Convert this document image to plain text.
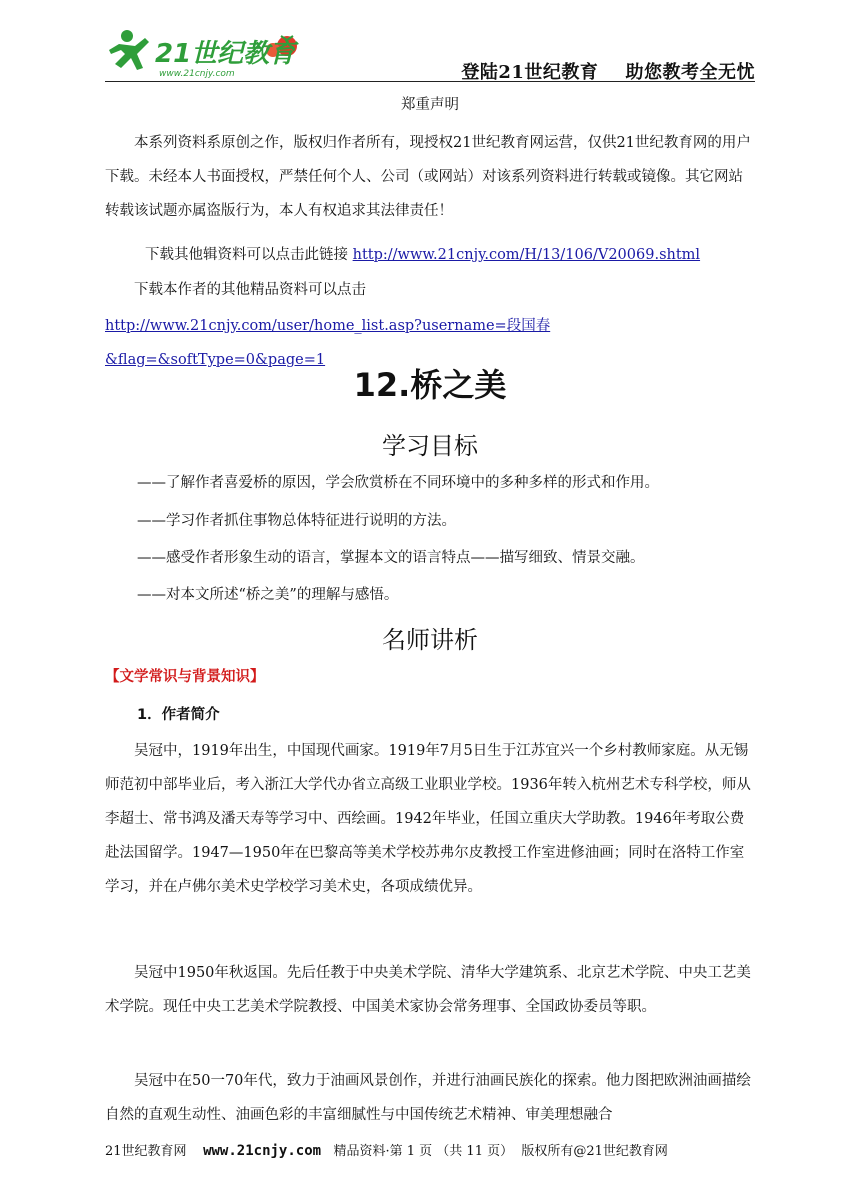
21世纪教育
www.21cnjy.com	登陆21世纪教育    助您教考全无忧
郑重声明
本系列资料系原创之作，版权归作者所有，现授权21世纪教育网运营，仅供21世纪教育网的用户下载。未经本人书面授权，严禁任何个人、公司（或网站）对该系列资料进行转载或镜像。其它网站转载该试题亦属盗版行为，本人有权追求其法律责任！
下载其他辑资料可以点击此链接 http://www.21cnjy.com/H/13/106/V20069.shtml
下载本作者的其他精品资料可以点击
http://www.21cnjy.com/user/home_list.asp?username=段国春&flag=&softType=0&page=1
12.桥之美
学习目标
——了解作者喜爱桥的原因，学会欣赏桥在不同环境中的多种多样的形式和作用。
——学习作者抓住事物总体特征进行说明的方法。
——感受作者形象生动的语言，掌握本文的语言特点——描写细致、情景交融。
——对本文所述“桥之美”的理解与感悟。
名师讲析
【文学常识与背景知识】
1．作者简介
吴冠中，1919年出生，中国现代画家。1919年7月5日生于江苏宜兴一个乡村教师家庭。从无锡师范初中部毕业后，考入浙江大学代办省立高级工业职业学校。1936年转入杭州艺术专科学校，师从李超士、常书鸿及潘天寿等学习中、西绘画。1942年毕业，任国立重庆大学助教。1946年考取公费赴法国留学。1947—1950年在巴黎高等美术学校苏弗尔皮教授工作室进修油画；同时在洛特工作室学习，并在卢佛尔美术史学校学习美术史，各项成绩优异。
吴冠中1950年秋返国。先后任教于中央美术学院、清华大学建筑系、北京艺术学院、中央工艺美术学院。现任中央工艺美术学院教授、中国美术家协会常务理事、全国政协委员等职。
吴冠中在50一70年代，致力于油画风景创作，并进行油画民族化的探索。他力图把欧洲油画描绘自然的直观生动性、油画色彩的丰富细腻性与中国传统艺术精神、审美理想融合
21世纪教育网 www.21cnjy.com 精品资料·第 1 页 （共 11 页） 版权所有@21世纪教育网
